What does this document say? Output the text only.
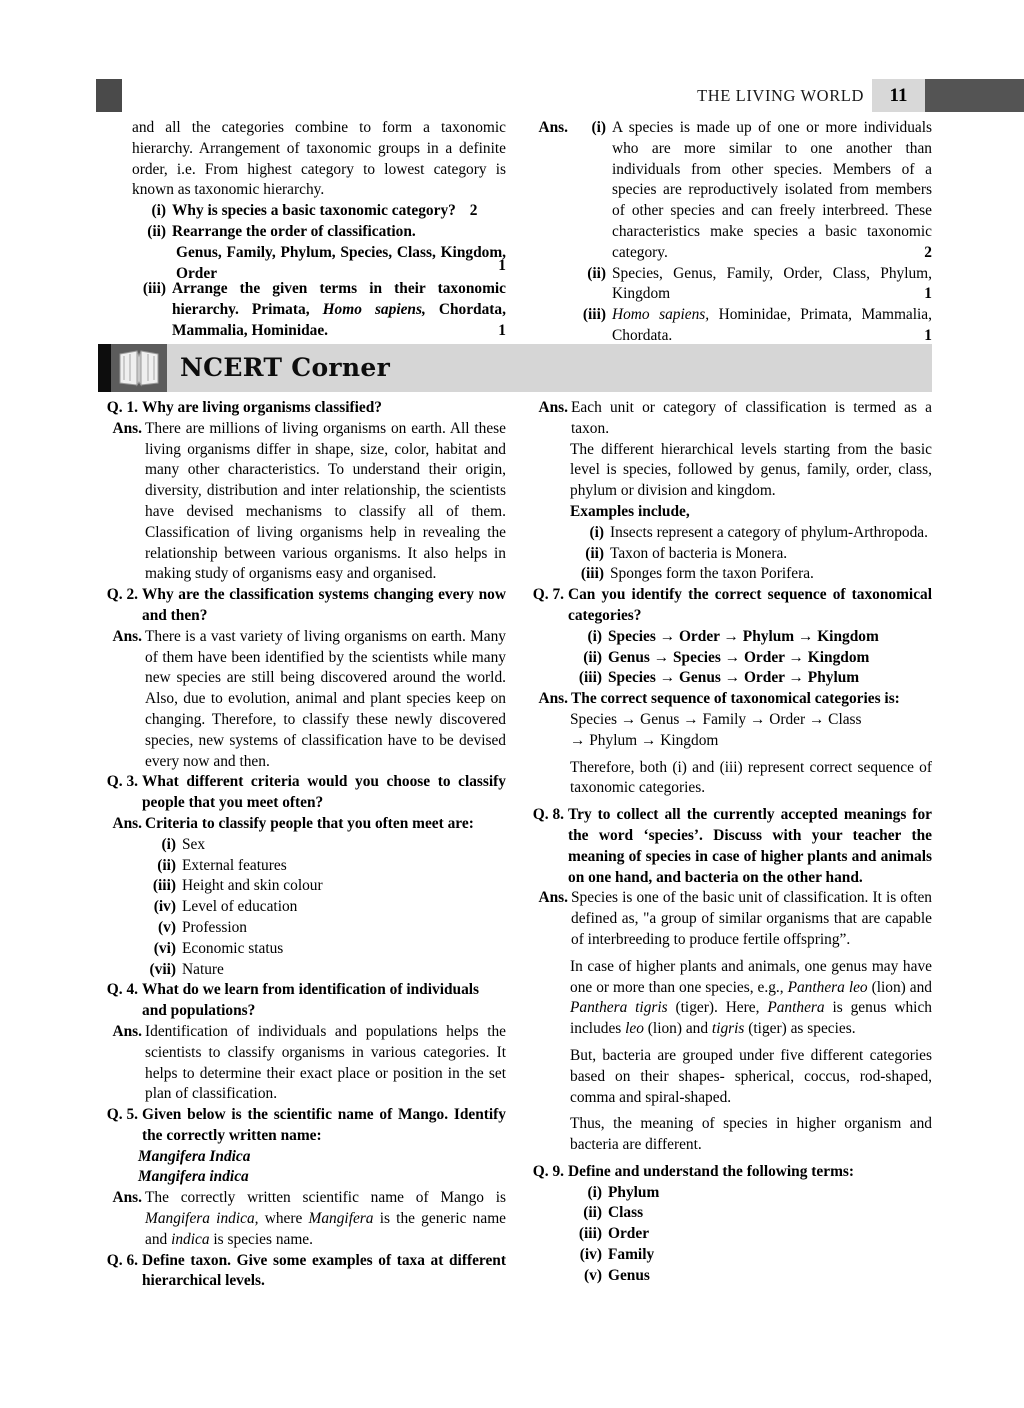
THE LIVING WORLD	11

and all the categories combine to form a taxonomic hierarchy. Arrangement of taxonomic groups in a definite order, i.e. From highest category to lowest category is known as taxonomic hierarchy.

(i) Why is species a basic taxonomic category? 2
(ii) Rearrange the order of classification.
Genus, Family, Phylum, Species, Class, Kingdom, Order	1
(iii) Arrange the given terms in their taxonomic hierarchy. Primata, Homo sapiens, Chordata, Mammalia, Hominidae.	1
Ans.	(i) A species is made up of one or more individuals who are more similar to one another than individuals from other species. Members of a species are reproductively isolated from members of other species and can freely interbreed. These characteristics make species a basic taxonomic category.	2
(ii) Species, Genus, Family, Order, Class, Phylum, Kingdom	1
(iii) Homo sapiens, Hominidae, Primata, Mammalia, Chordata.	1
NCERT Corner
Q. 1. Why are living organisms classified?
Ans. There are millions of living organisms on earth. All these living organisms differ in shape, size, color, habitat and many other characteristics. To understand their origin, diversity, distribution and inter relationship, the scientists have devised mechanisms to classify all of them. Classification of living organisms help in revealing the relationship between various organisms. It also helps in making study of organisms easy and organised.
Q. 2. Why are the classification systems changing every now and then?
Ans. There is a vast variety of living organisms on earth. Many of them have been identified by the scientists while many new species are still being discovered around the world. Also, due to evolution, animal and plant species keep on changing. Therefore, to classify these newly discovered species, new systems of classification have to be devised every now and then.
Q. 3. What different criteria would you choose to classify people that you meet often?
Ans. Criteria to classify people that you often meet are:
(i) Sex
(ii) External features
(iii) Height and skin colour
(iv) Level of education
(v) Profession
(vi) Economic status
(vii) Nature
Q. 4. What do we learn from identification of individuals and populations?
Ans. Identification of individuals and populations helps the scientists to classify organisms in various categories. It helps to determine their exact place or position in the set plan of classification.
Q. 5. Given below is the scientific name of Mango. Identify the correctly written name:
Mangifera Indica
Mangifera indica
Ans. The correctly written scientific name of Mango is Mangifera indica, where Mangifera is the generic name and indica is species name.
Q. 6. Define taxon. Give some examples of taxa at different hierarchical levels.
Ans. Each unit or category of classification is termed as a taxon.

The different hierarchical levels starting from the basic level is species, followed by genus, family, order, class, phylum or division and kingdom.

Examples include,
(i) Insects represent a category of phylum-Arthropoda.
(ii) Taxon of bacteria is Monera.
(iii) Sponges form the taxon Porifera.
Q. 7. Can you identify the correct sequence of taxonomical categories?
(i) Species → Order → Phylum → Kingdom
(ii) Genus → Species → Order → Kingdom
(iii) Species → Genus → Order → Phylum
Ans. The correct sequence of taxonomical categories is:
Species → Genus → Family → Order → Class
→ Phylum → Kingdom

Therefore, both (i) and (iii) represent correct sequence of taxonomic categories.

Q. 8. Try to collect all the currently accepted meanings for the word ‘species’. Discuss with your teacher the meaning of species in case of higher plants and animals on one hand, and bacteria on the other hand.
Ans. Species is one of the basic unit of classification. It is often defined as, "a group of similar organisms that are capable of interbreeding to produce fertile offspring”.

In case of higher plants and animals, one genus may have one or more than one species, e.g., Panthera leo (lion) and Panthera tigris (tiger). Here, Panthera is genus which includes leo (lion) and tigris (tiger) as species.

But, bacteria are grouped under five different categories based on their shapes- spherical, coccus, rod-shaped, comma and spiral-shaped.

Thus, the meaning of species in higher organism and bacteria are different.

Q. 9. Define and understand the following terms:
(i) Phylum
(ii) Class
(iii) Order
(iv) Family
(v) Genus
